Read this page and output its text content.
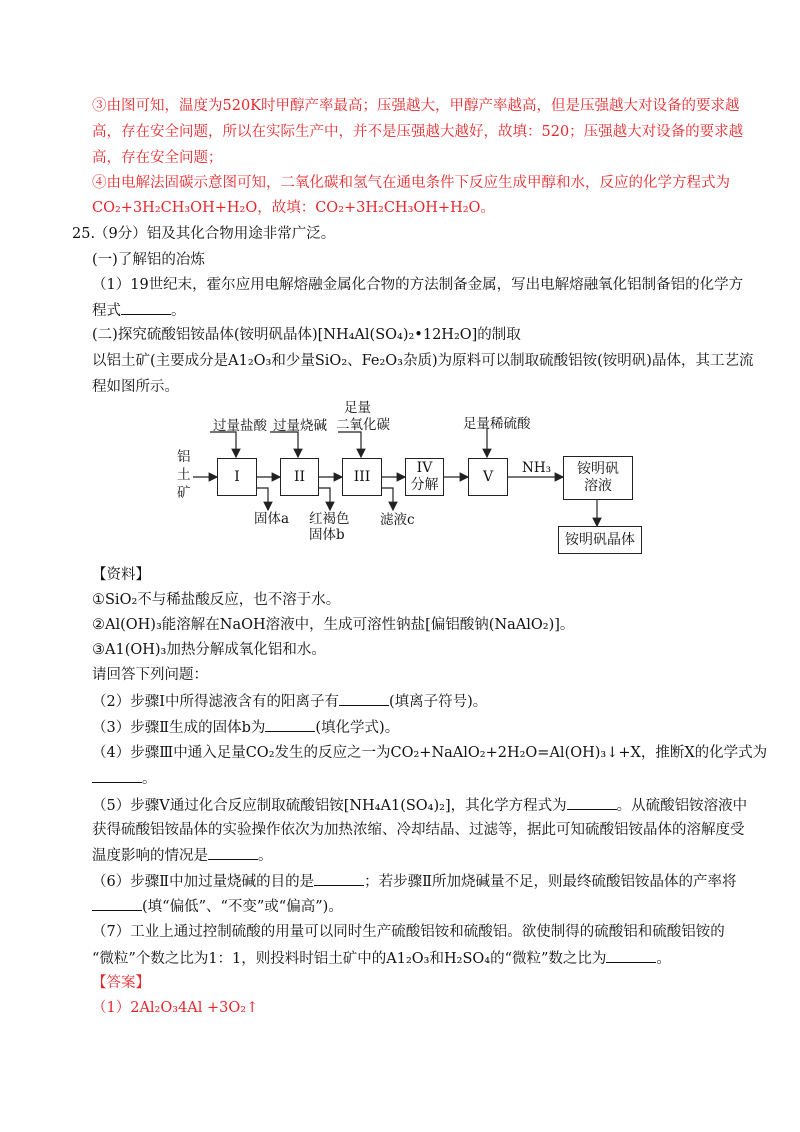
③由图可知，温度为520K时甲醇产率最高；压强越大，甲醇产率越高，但是压强越大对设备的要求越
高，存在安全问题，所以在实际生产中，并不是压强越大越好，故填：520；压强越大对设备的要求越
高，存在安全问题；
④由电解法固碳示意图可知，二氧化碳和氢气在通电条件下反应生成甲醇和水，反应的化学方程式为
CO₂+3H₂CH₃OH+H₂O，故填：CO₂+3H₂CH₃OH+H₂O。
25.
（9分）铝及其化合物用途非常广泛。
(一)了解铝的冶炼
（1）19世纪末，霍尔应用电解熔融金属化合物的方法制备金属，写出电解熔融氧化铝制备铝的化学方
程式	。
(二)探究硫酸铝铵晶体(铵明矾晶体)[NH₄Al(SO₄)₂•12H₂O]的制取
以铝土矿(主要成分是A1₂O₃和少量SiO₂、Fe₂O₃杂质)为原料可以制取硫酸铝铵(铵明矾)晶体，其工艺流
程如图所示。
铝土矿
I	II	III
IV
分解
V	铵明矾
溶液
铵明矾晶体
过量盐酸 过量烧碱
足量
二氧化碳	足量稀硫酸
NH₃
固体a 红褐色
固体b
滤液c
【资料】
①SiO₂不与稀盐酸反应，也不溶于水。
②Al(OH)₃能溶解在NaOH溶液中，生成可溶性钠盐[偏铝酸钠(NaAlO₂)]。
③A1(OH)₃加热分解成氧化铝和水。
请回答下列问题：
（2）步骤Ⅰ中所得滤液含有的阳离子有	(填离子符号)。
（3）步骤Ⅱ生成的固体b为	(填化学式)。
（4）步骤Ⅲ中通入足量CO₂发生的反应之一为CO₂+NaAlO₂+2H₂O=Al(OH)₃↓+X，推断X的化学式为
。
（5）步骤Ⅴ通过化合反应制取硫酸铝铵[NH₄A1(SO₄)₂]，其化学方程式为	。从硫酸铝铵溶液中
获得硫酸铝铵晶体的实验操作依次为加热浓缩、冷却结晶、过滤等，据此可知硫酸铝铵晶体的溶解度受
温度影响的情况是	。
（6）步骤Ⅱ中加过量烧碱的目的是	；若步骤Ⅱ所加烧碱量不足，则最终硫酸铝铵晶体的产率将
(填“偏低”、“不变”或“偏高”)。
（7）工业上通过控制硫酸的用量可以同时生产硫酸铝铵和硫酸铝。欲使制得的硫酸铝和硫酸铝铵的
“微粒”个数之比为1：1，则投料时铝土矿中的A1₂O₃和H₂SO₄的“微粒”数之比为	。
【答案】
（1）2Al₂O₃4Al +3O₂↑
